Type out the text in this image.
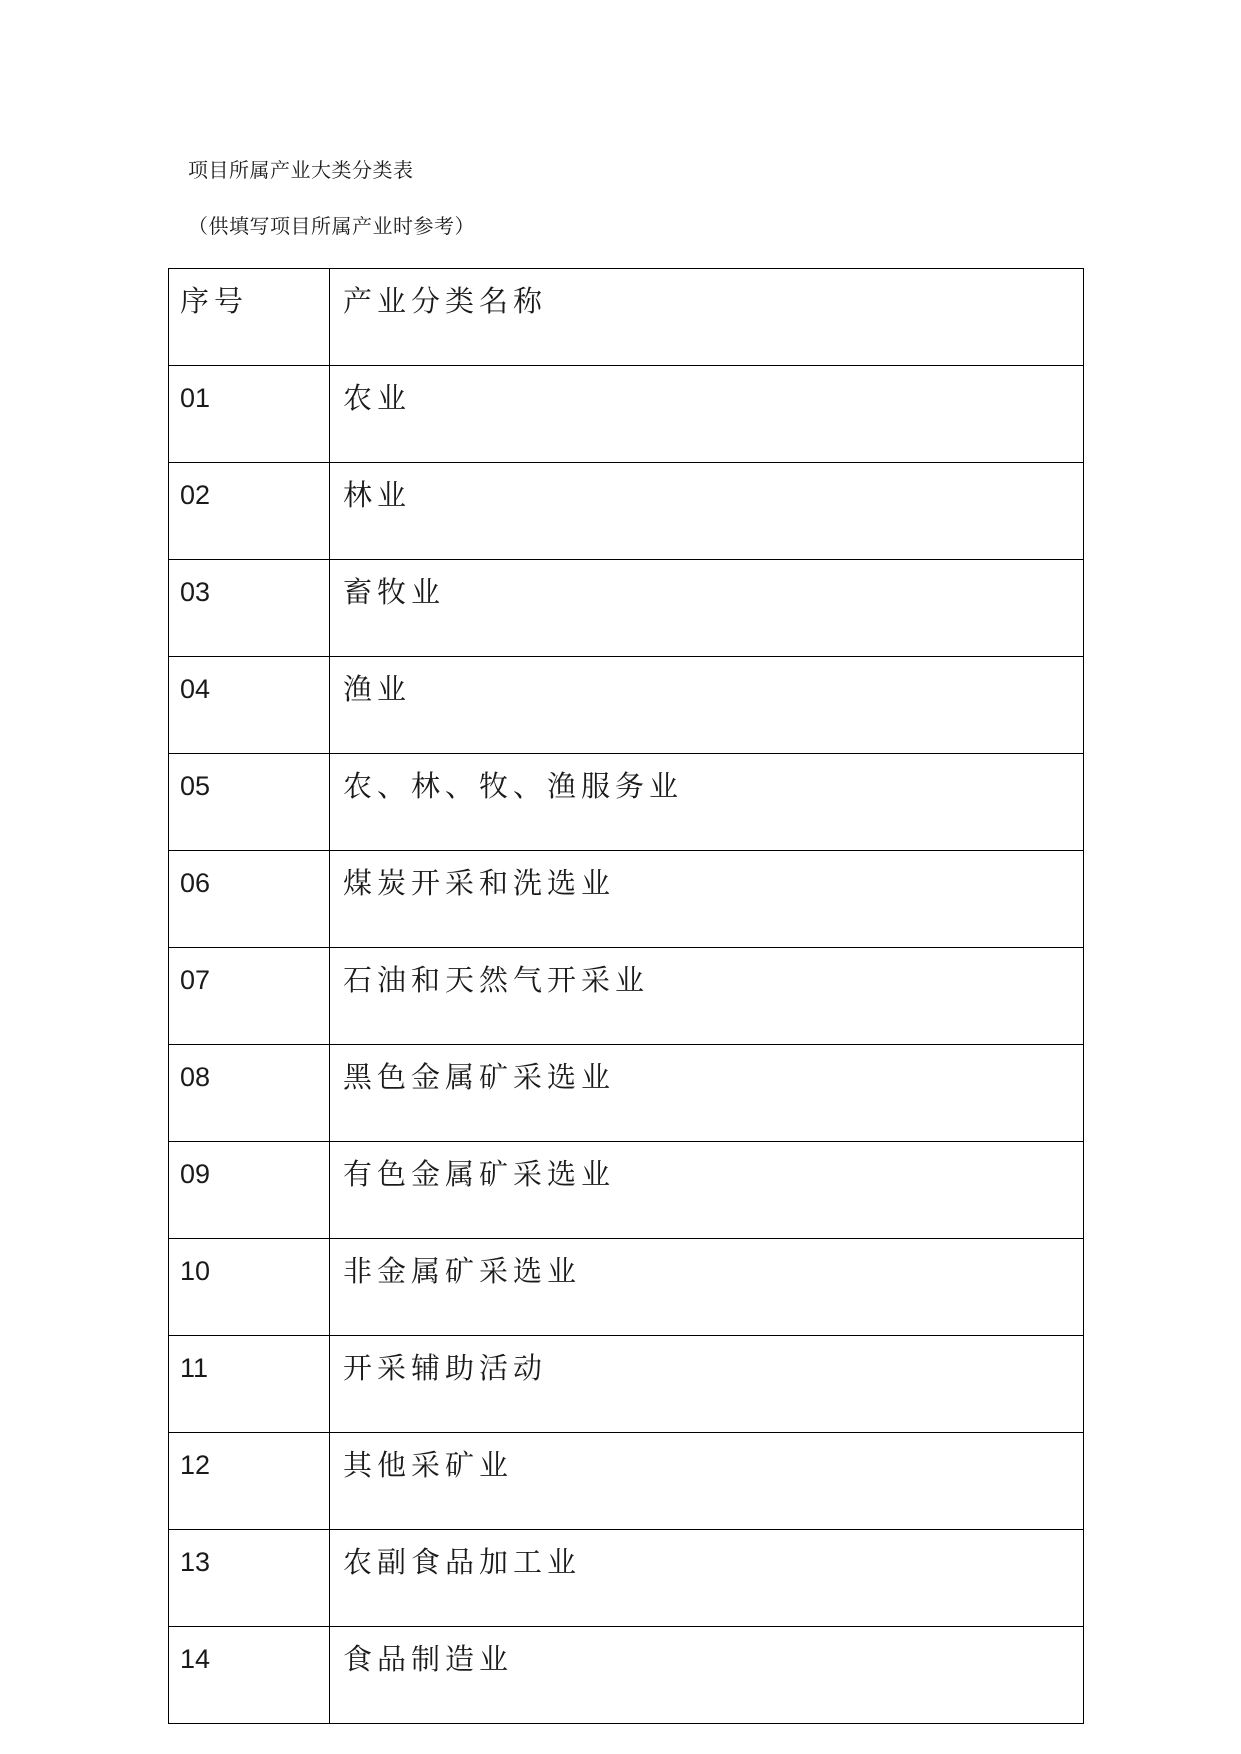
项目所属产业大类分类表

（供填写项目所属产业时参考）

序号	产业分类名称
01	农业
02	林业
03	畜牧业
04	渔业
05	农、林、牧、渔服务业
06	煤炭开采和洗选业
07	石油和天然气开采业
08	黑色金属矿采选业
09	有色金属矿采选业
10	非金属矿采选业
11	开采辅助活动
12	其他采矿业
13	农副食品加工业
14	食品制造业
